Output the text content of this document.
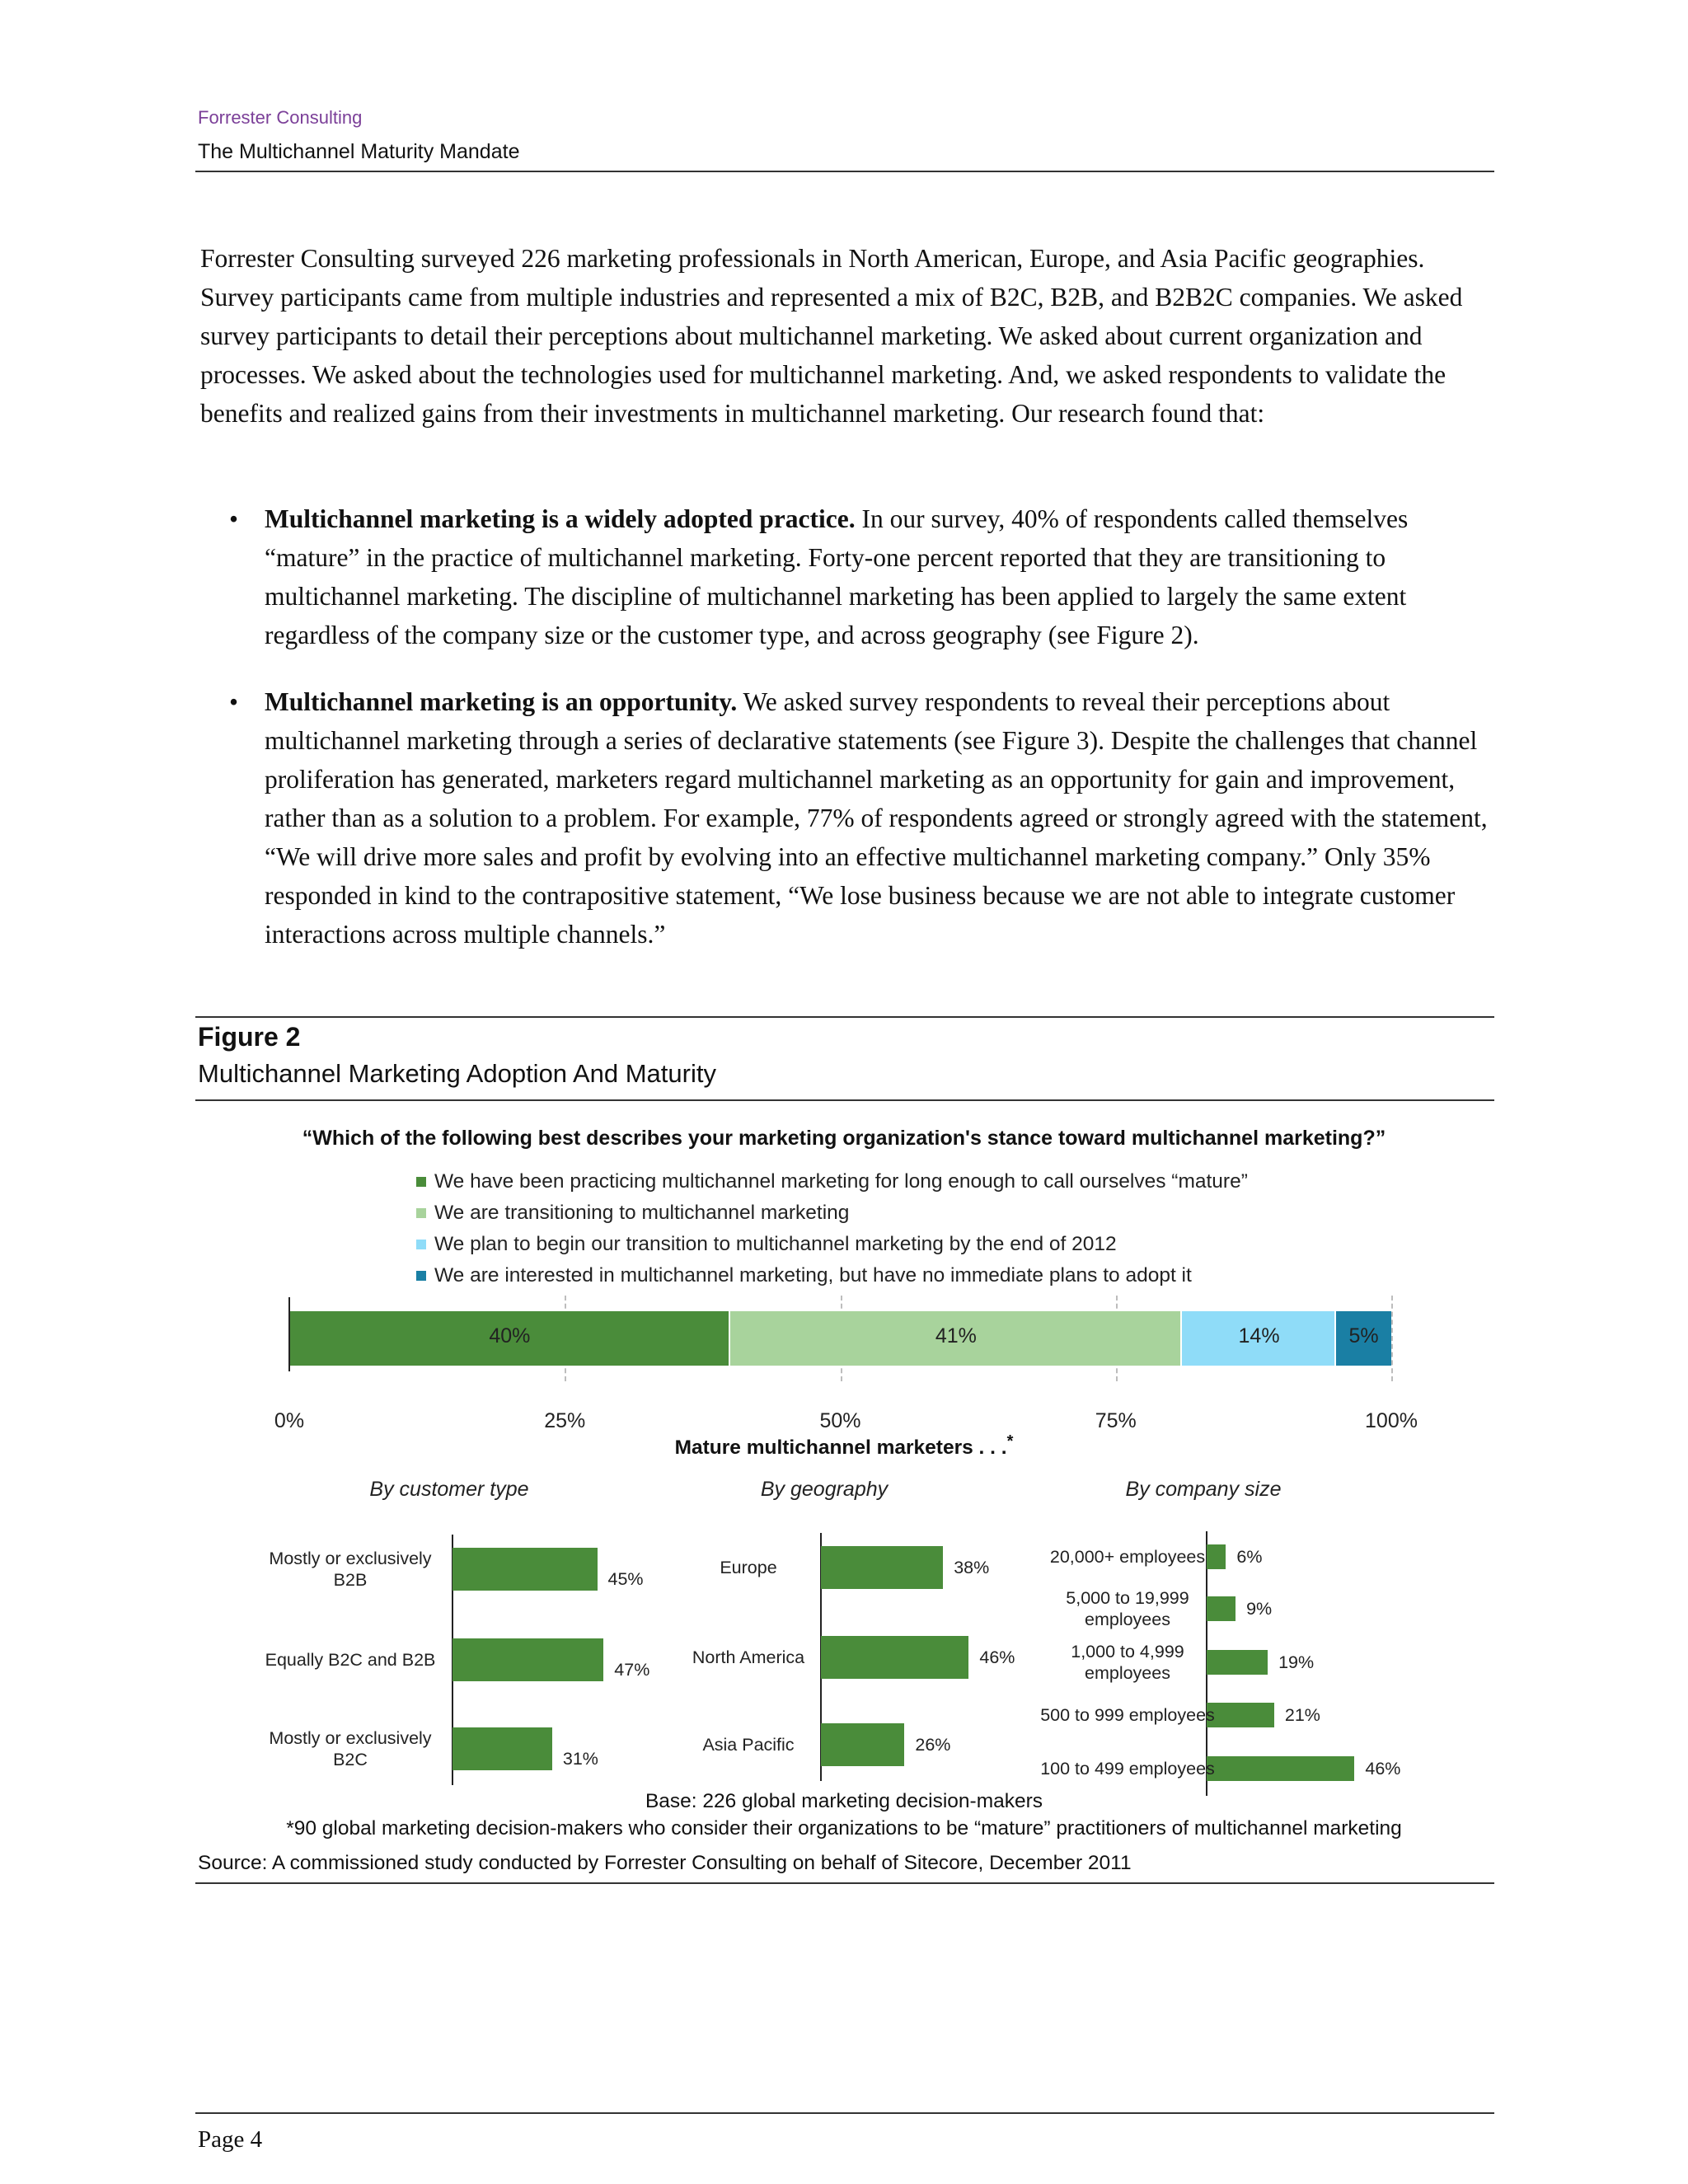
Forrester Consulting
The Multichannel Maturity Mandate
Forrester Consulting surveyed 226 marketing professionals in North American, Europe, and Asia Pacific geographies. Survey participants came from multiple industries and represented a mix of B2C, B2B, and B2B2C companies. We asked survey participants to detail their perceptions about multichannel marketing. We asked about current organization and processes. We asked about the technologies used for multichannel marketing. And, we asked respondents to validate the benefits and realized gains from their investments in multichannel marketing. Our research found that:
• Multichannel marketing is a widely adopted practice. In our survey, 40% of respondents called themselves “mature” in the practice of multichannel marketing. Forty-one percent reported that they are transitioning to multichannel marketing. The discipline of multichannel marketing has been applied to largely the same extent regardless of the company size or the customer type, and across geography (see Figure 2).
• Multichannel marketing is an opportunity. We asked survey respondents to reveal their perceptions about multichannel marketing through a series of declarative statements (see Figure 3). Despite the challenges that channel proliferation has generated, marketers regard multichannel marketing as an opportunity for gain and improvement, rather than as a solution to a problem. For example, 77% of respondents agreed or strongly agreed with the statement, “We will drive more sales and profit by evolving into an effective multichannel marketing company.” Only 35% responded in kind to the contrapositive statement, “We lose business because we are not able to integrate customer interactions across multiple channels.”
Figure 2
Multichannel Marketing Adoption And Maturity
“Which of the following best describes your marketing organization's stance toward multichannel marketing?”
We have been practicing multichannel marketing for long enough to call ourselves “mature”
We are transitioning to multichannel marketing
We plan to begin our transition to multichannel marketing by the end of 2012
We are interested in multichannel marketing, but have no immediate plans to adopt it
0%	25%	50%	75%	100%
40%	41%	14%	5%
Mature multichannel marketers . . .*
By customer type	By geography	By company size
45%
Mostly or exclusively B2B
47%
Equally B2C and B2B
31%
Mostly or exclusively B2C
38%
Europe
46%
North America
26%
Asia Pacific
6%
20,000+ employees
9%
5,000 to 19,999 employees
19%
1,000 to 4,999 employees
21%
500 to 999 employees
46%
100 to 499 employees
Base: 226 global marketing decision-makers
*90 global marketing decision-makers who consider their organizations to be “mature” practitioners of multichannel marketing
Source: A commissioned study conducted by Forrester Consulting on behalf of Sitecore, December 2011
Page 4
